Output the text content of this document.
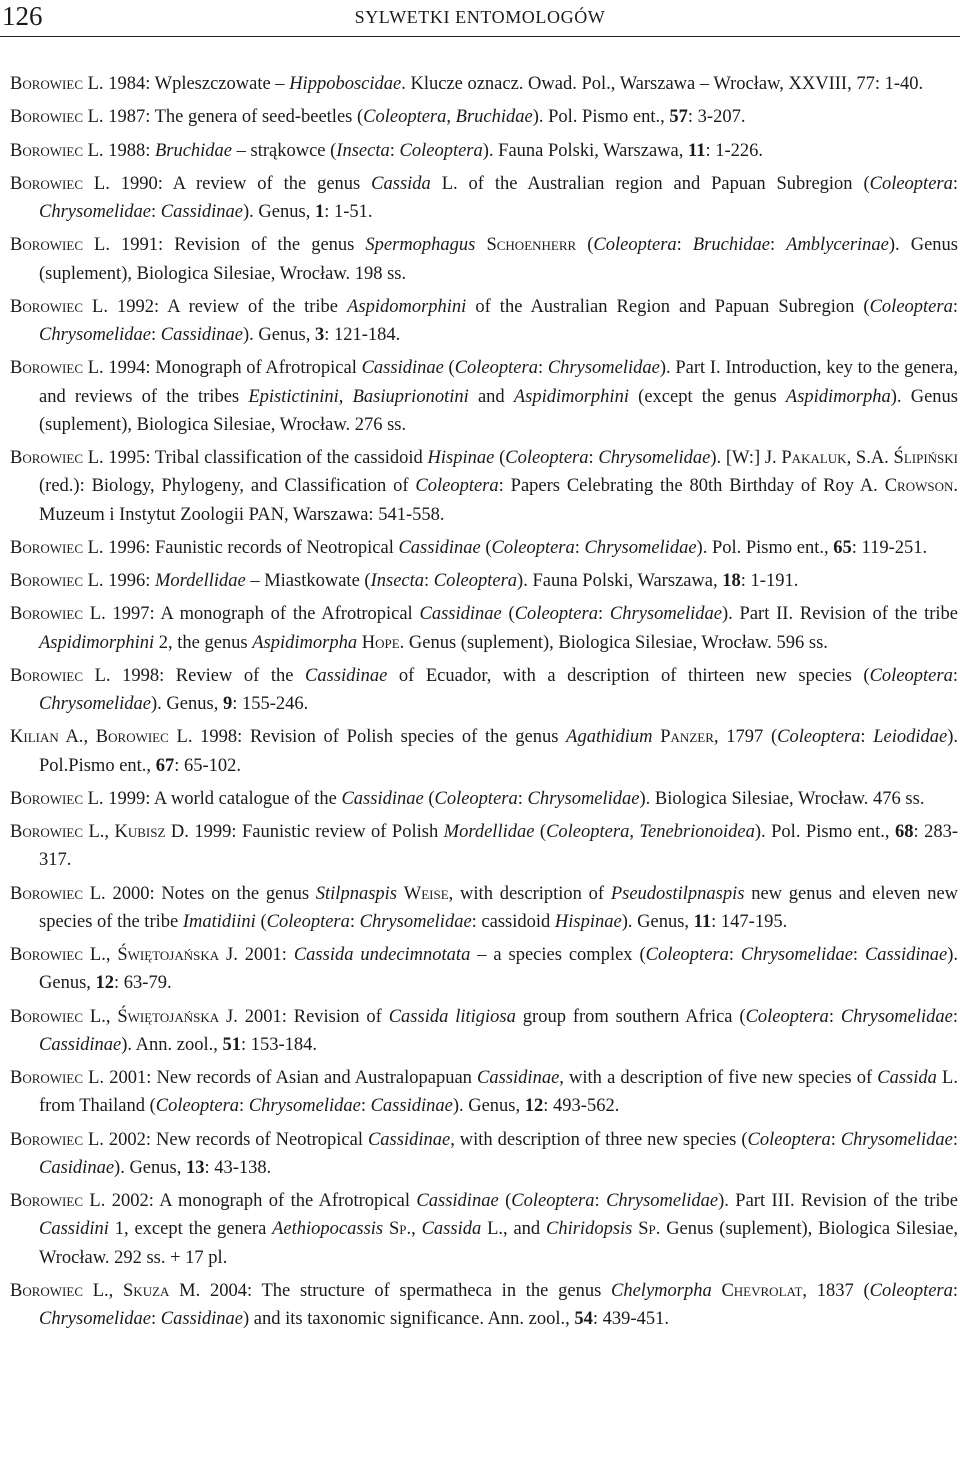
126	SYLWETKI ENTOMOLOGÓW

Borowiec L. 1984: Wpleszczowate – Hippoboscidae. Klucze oznacz. Owad. Pol., Warszawa – Wrocław, XXVIII, 77: 1-40.

Borowiec L. 1987: The genera of seed-beetles (Coleoptera, Bruchidae). Pol. Pismo ent., 57: 3-207.

Borowiec L. 1988: Bruchidae – strąkowce (Insecta: Coleoptera). Fauna Polski, Warszawa, 11: 1-226.

Borowiec L. 1990: A review of the genus Cassida L. of the Australian region and Papuan Subregion (Coleoptera: Chrysomelidae: Cassidinae). Genus, 1: 1-51.

Borowiec L. 1991: Revision of the genus Spermophagus Schoenherr (Coleoptera: Bruchidae: Amblycerinae). Genus (suplement), Biologica Silesiae, Wrocław. 198 ss.

Borowiec L. 1992: A review of the tribe Aspidomorphini of the Australian Region and Papuan Subregion (Coleoptera: Chrysomelidae: Cassidinae). Genus, 3: 121-184.

Borowiec L. 1994: Monograph of Afrotropical Cassidinae (Coleoptera: Chrysomelidae). Part I. Introduction, key to the genera, and reviews of the tribes Epistictinini, Basiuprionotini and Aspidimorphini (except the genus Aspidimorpha). Genus (suplement), Biologica Silesiae, Wrocław. 276 ss.

Borowiec L. 1995: Tribal classification of the cassidoid Hispinae (Coleoptera: Chrysomelidae). [W:] J. Pakaluk, S.A. Ślipiński (red.): Biology, Phylogeny, and Classification of Coleoptera: Papers Celebrating the 80th Birthday of Roy A. Crowson. Muzeum i Instytut Zoologii PAN, Warszawa: 541-558.

Borowiec L. 1996: Faunistic records of Neotropical Cassidinae (Coleoptera: Chrysomelidae). Pol. Pismo ent., 65: 119-251.

Borowiec L. 1996: Mordellidae – Miastkowate (Insecta: Coleoptera). Fauna Polski, Warszawa, 18: 1-191.

Borowiec L. 1997: A monograph of the Afrotropical Cassidinae (Coleoptera: Chrysomelidae). Part II. Revision of the tribe Aspidimorphini 2, the genus Aspidimorpha Hope. Genus (suplement), Biologica Silesiae, Wrocław. 596 ss.

Borowiec L. 1998: Review of the Cassidinae of Ecuador, with a description of thirteen new species (Coleoptera: Chrysomelidae). Genus, 9: 155-246.

Kilian A., Borowiec L. 1998: Revision of Polish species of the genus Agathidium Panzer, 1797 (Coleoptera: Leiodidae). Pol.Pismo ent., 67: 65-102.

Borowiec L. 1999: A world catalogue of the Cassidinae (Coleoptera: Chrysomelidae). Biologica Silesiae, Wrocław. 476 ss.

Borowiec L., Kubisz D. 1999: Faunistic review of Polish Mordellidae (Coleoptera, Tenebrionoidea). Pol. Pismo ent., 68: 283-317.

Borowiec L. 2000: Notes on the genus Stilpnaspis Weise, with description of Pseudostilpnaspis new genus and eleven new species of the tribe Imatidiini (Coleoptera: Chrysomelidae: cassidoid Hispinae). Genus, 11: 147-195.

Borowiec L., Świętojańska J. 2001: Cassida undecimnotata – a species complex (Coleoptera: Chrysomelidae: Cassidinae). Genus, 12: 63-79.

Borowiec L., Świętojańska J. 2001: Revision of Cassida litigiosa group from southern Africa (Coleoptera: Chrysomelidae: Cassidinae). Ann. zool., 51: 153-184.

Borowiec L. 2001: New records of Asian and Australopapuan Cassidinae, with a description of five new species of Cassida L. from Thailand (Coleoptera: Chrysomelidae: Cassidinae). Genus, 12: 493-562.

Borowiec L. 2002: New records of Neotropical Cassidinae, with description of three new species (Coleoptera: Chrysomelidae: Casidinae). Genus, 13: 43-138.

Borowiec L. 2002: A monograph of the Afrotropical Cassidinae (Coleoptera: Chrysomelidae). Part III. Revision of the tribe Cassidini 1, except the genera Aethiopocassis Sp., Cassida L., and Chiridopsis Sp. Genus (suplement), Biologica Silesiae, Wrocław. 292 ss. + 17 pl.

Borowiec L., Skuza M. 2004: The structure of spermatheca in the genus Chelymorpha Chevrolat, 1837 (Coleoptera: Chrysomelidae: Cassidinae) and its taxonomic significance. Ann. zool., 54: 439-451.
